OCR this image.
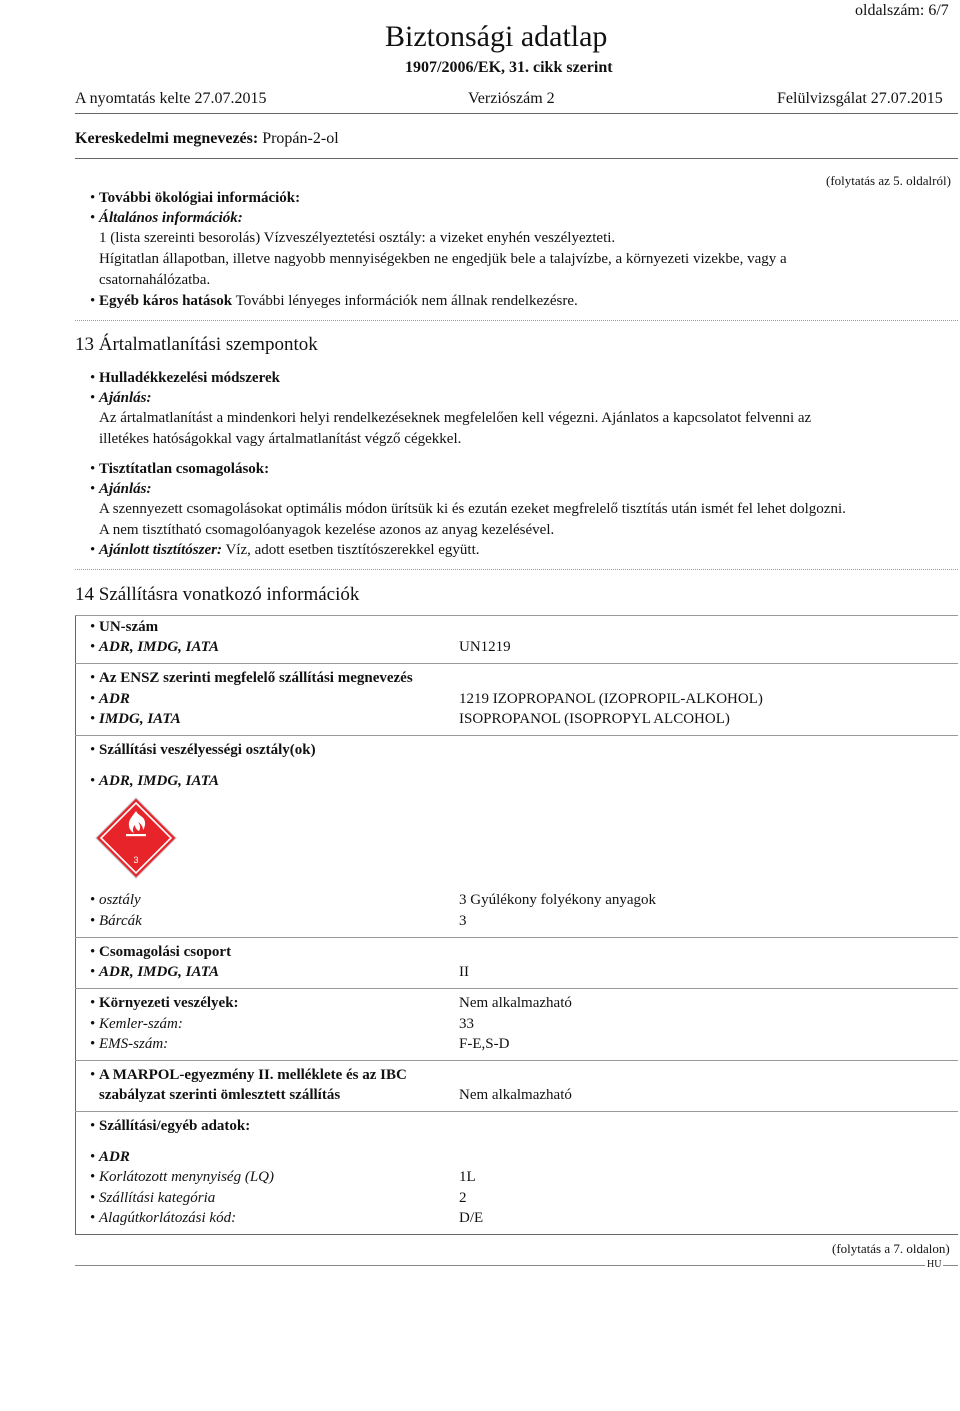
oldalszám: 6/7
Biztonsági adatlap
1907/2006/EK, 31. cikk szerint
A nyomtatás kelte 27.07.2015	Verziószám 2	Felülvizsgálat 27.07.2015
Kereskedelmi megnevezés: Propán-2-ol
(folytatás az 5. oldalról)
• További ökológiai információk:
• Általános információk:
1 (lista szereinti besorolás) Vízveszélyeztetési osztály: a vizeket enyhén veszélyezteti.
Hígitatlan állapotban, illetve nagyobb mennyiségekben ne engedjük bele a talajvízbe, a környezeti vizekbe, vagy a
csatornahálózatba.
• Egyéb káros hatások További lényeges információk nem állnak rendelkezésre.
13 Ártalmatlanítási szempontok
• Hulladékkezelési módszerek
• Ajánlás:
Az ártalmatlanítást a mindenkori helyi rendelkezéseknek megfelelően kell végezni. Ajánlatos a kapcsolatot felvenni az
illetékes hatóságokkal vagy ártalmatlanítást végző cégekkel.
• Tisztítatlan csomagolások:
• Ajánlás:
A szennyezett csomagolásokat optimális módon ürítsük ki és ezután ezeket megfrelelő tisztítás után ismét fel lehet dolgozni.
A nem tisztítható csomagolóanyagok kezelése azonos az anyag kezelésével.
• Ajánlott tisztítószer: Víz, adott esetben tisztítószerekkel együtt.
14 Szállításra vonatkozó információk
• UN-szám
• ADR, IMDG, IATA	UN1219
• Az ENSZ szerinti megfelelő szállítási megnevezés
• ADR	1219 IZOPROPANOL (IZOPROPIL-ALKOHOL)
• IMDG, IATA	ISOPROPANOL (ISOPROPYL ALCOHOL)
• Szállítási veszélyességi osztály(ok)
• ADR, IMDG, IATA
3
• osztály	3 Gyúlékony folyékony anyagok
• Bárcák	3
• Csomagolási csoport
• ADR, IMDG, IATA	II
• Környezeti veszélyek:	Nem alkalmazható
• Kemler-szám:	33
• EMS-szám:	F-E,S-D
• A MARPOL-egyezmény II. melléklete és az IBC
szabályzat szerinti ömlesztett szállítás	Nem alkalmazható
• Szállítási/egyéb adatok:
• ADR
• Korlátozott menynyiség (LQ)	1L
• Szállítási kategória	2
• Alagútkorlátozási kód:	D/E
(folytatás a 7. oldalon)
HU
